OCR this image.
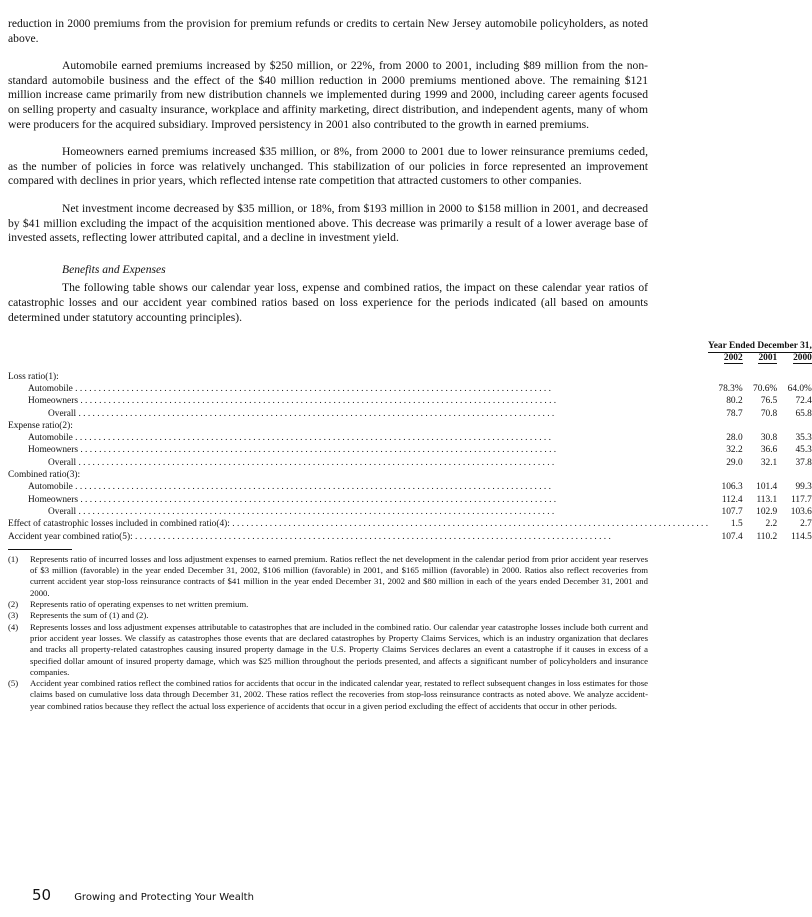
reduction in 2000 premiums from the provision for premium refunds or credits to certain New Jersey automobile policyholders, as noted above.

Automobile earned premiums increased by $250 million, or 22%, from 2000 to 2001, including $89 million from the non-standard automobile business and the effect of the $40 million reduction in 2000 premiums mentioned above. The remaining $121 million increase came primarily from new distribution channels we implemented during 1999 and 2000, including career agents focused on selling property and casualty insurance, workplace and affinity marketing, direct distribution, and independent agents, many of whom were producers for the acquired subsidiary. Improved persistency in 2001 also contributed to the growth in earned premiums.

Homeowners earned premiums increased $35 million, or 8%, from 2000 to 2001 due to lower reinsurance premiums ceded, as the number of policies in force was relatively unchanged. This stabilization of our policies in force represented an improvement compared with declines in prior years, which reflected intense rate competition that attracted customers to other companies.

Net investment income decreased by $35 million, or 18%, from $193 million in 2000 to $158 million in 2001, and decreased by $41 million excluding the impact of the acquisition mentioned above. This decrease was primarily a result of a lower average base of invested assets, reflecting lower attributed capital, and a decline in investment yield.

Benefits and Expenses

The following table shows our calendar year loss, expense and combined ratios, the impact on these calendar year ratios of catastrophic losses and our accident year combined ratios based on loss experience for the periods indicated (all based on amounts determined under statutory accounting principles).

	Year Ended December 31,		
	2002	2001	2000

Loss ratio(1):			

Automobile . . . . . . . . . . . . . . . . . . . . . . . . . . . . . . . . . . . . . . . . . . . . . . . . . . . . . . . . . . . . . . . . . . . . . . . . . . . . . . . . . . . . . . . . . . . . . . . . . . . . . .	78.3%	70.6%	64.0%

Homeowners . . . . . . . . . . . . . . . . . . . . . . . . . . . . . . . . . . . . . . . . . . . . . . . . . . . . . . . . . . . . . . . . . . . . . . . . . . . . . . . . . . . . . . . . . . . . . . . . . . . . . .	80.2	76.5	72.4

Overall . . . . . . . . . . . . . . . . . . . . . . . . . . . . . . . . . . . . . . . . . . . . . . . . . . . . . . . . . . . . . . . . . . . . . . . . . . . . . . . . . . . . . . . . . . . . . . . . . . . . . .	78.7	70.8	65.8

Expense ratio(2):			

Automobile . . . . . . . . . . . . . . . . . . . . . . . . . . . . . . . . . . . . . . . . . . . . . . . . . . . . . . . . . . . . . . . . . . . . . . . . . . . . . . . . . . . . . . . . . . . . . . . . . . . . . .	28.0	30.8	35.3

Homeowners . . . . . . . . . . . . . . . . . . . . . . . . . . . . . . . . . . . . . . . . . . . . . . . . . . . . . . . . . . . . . . . . . . . . . . . . . . . . . . . . . . . . . . . . . . . . . . . . . . . . . .	32.2	36.6	45.3

Overall . . . . . . . . . . . . . . . . . . . . . . . . . . . . . . . . . . . . . . . . . . . . . . . . . . . . . . . . . . . . . . . . . . . . . . . . . . . . . . . . . . . . . . . . . . . . . . . . . . . . . .	29.0	32.1	37.8

Combined ratio(3):			

Automobile . . . . . . . . . . . . . . . . . . . . . . . . . . . . . . . . . . . . . . . . . . . . . . . . . . . . . . . . . . . . . . . . . . . . . . . . . . . . . . . . . . . . . . . . . . . . . . . . . . . . . .	106.3	101.4	99.3

Homeowners . . . . . . . . . . . . . . . . . . . . . . . . . . . . . . . . . . . . . . . . . . . . . . . . . . . . . . . . . . . . . . . . . . . . . . . . . . . . . . . . . . . . . . . . . . . . . . . . . . . . . .	112.4	113.1	117.7

Overall . . . . . . . . . . . . . . . . . . . . . . . . . . . . . . . . . . . . . . . . . . . . . . . . . . . . . . . . . . . . . . . . . . . . . . . . . . . . . . . . . . . . . . . . . . . . . . . . . . . . . .	107.7	102.9	103.6

Effect of catastrophic losses included in combined ratio(4): . . . . . . . . . . . . . . . . . . . . . . . . . . . . . . . . . . . . . . . . . . . . . . . . . . . . . . . . . . . . . . . . . . . . . . . . . . . . . . . . . . . . . . . . . . . . . . . . . . . . . .	1.5	2.2	2.7

Accident year combined ratio(5): . . . . . . . . . . . . . . . . . . . . . . . . . . . . . . . . . . . . . . . . . . . . . . . . . . . . . . . . . . . . . . . . . . . . . . . . . . . . . . . . . . . . . . . . . . . . . . . . . . . . . .	107.4	110.2	114.5
(1)	Represents ratio of incurred losses and loss adjustment expenses to earned premium. Ratios reflect the net development in the calendar period from prior accident year reserves of $3 million (favorable) in the year ended December 31, 2002, $106 million (favorable) in 2001, and $165 million (favorable) in 2000. Ratios also reflect recoveries from current accident year stop-loss reinsurance contracts of $41 million in the year ended December 31, 2002 and $80 million in each of the years ended December 31, 2001 and 2000.
(2)	Represents ratio of operating expenses to net written premium.
(3)	Represents the sum of (1) and (2).
(4)	Represents losses and loss adjustment expenses attributable to catastrophes that are included in the combined ratio. Our calendar year catastrophe losses include both current and prior accident year losses. We classify as catastrophes those events that are declared catastrophes by Property Claims Services, which is an industry organization that declares and tracks all property-related catastrophes causing insured property damage in the U.S. Property Claims Services declares an event a catastrophe if it causes in excess of a specified dollar amount of insured property damage, which was $25 million throughout the periods presented, and affects a significant number of policyholders and insurance companies.
(5)	Accident year combined ratios reflect the combined ratios for accidents that occur in the indicated calendar year, restated to reflect subsequent changes in loss estimates for those claims based on cumulative loss data through December 31, 2002. These ratios reflect the recoveries from stop-loss reinsurance contracts as noted above. We analyze accident-year combined ratios because they reflect the actual loss experience of accidents that occur in a given period excluding the effect of accidents that occur in other periods.
50 Growing and Protecting Your Wealth
